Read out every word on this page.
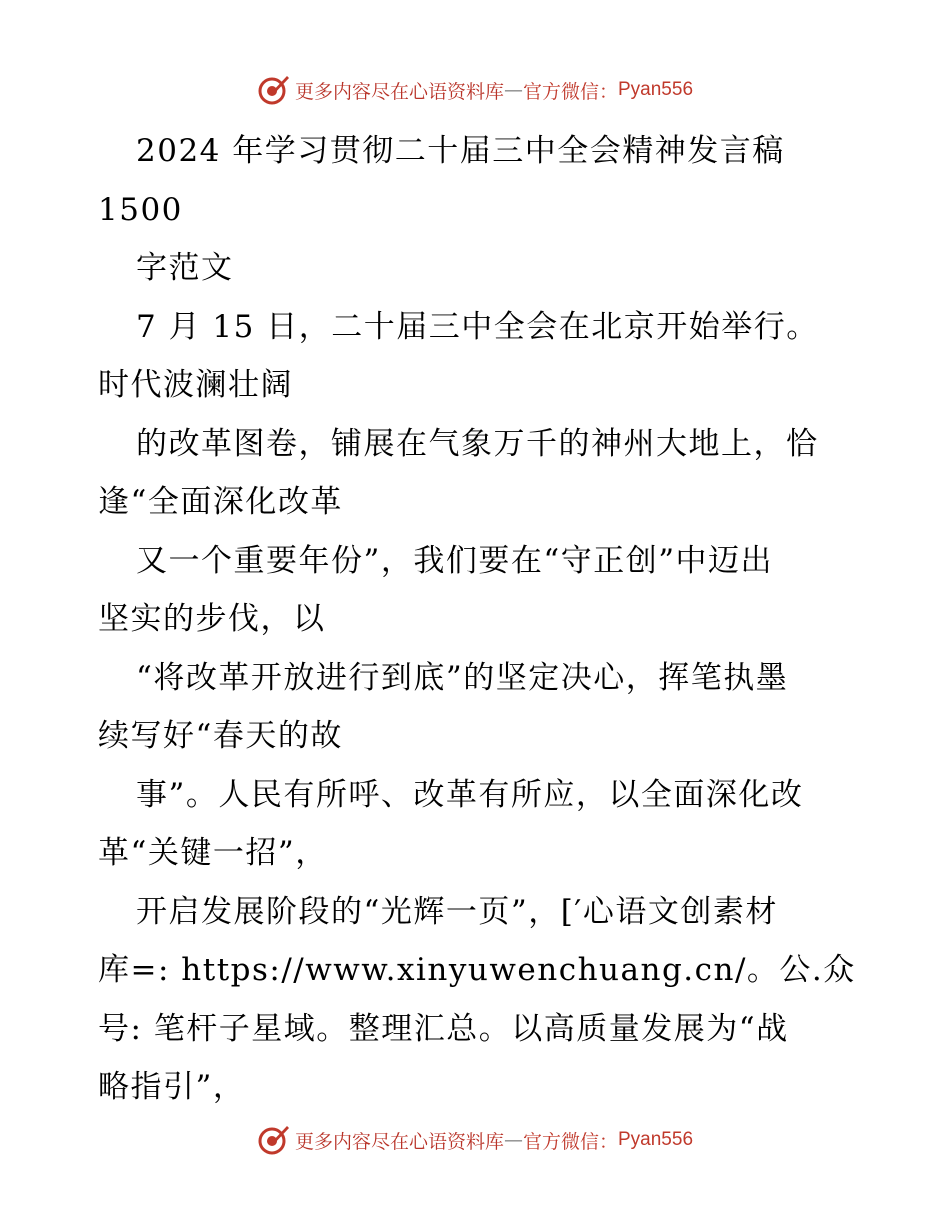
更多内容尽在心语资料库 — 官方微信： Pyan556
2024 年学习贯彻二十届三中全会精神发言稿
1500
字范文
7 月 15 日，二十届三中全会在北京开始举行。
时代波澜壮阔
的改革图卷，铺展在气象万千的神州大地上，恰
逢“全面深化改革
又一个重要年份”，我们要在“守正创”中迈出
坚实的步伐，以
“将改革开放进行到底”的坚定决心，挥笔执墨
续写好“春天的故
事”。人民有所呼、改革有所应，以全面深化改
革“关键一招”，
开启发展阶段的“光辉一页”，[′心语文创素材
库=: https://www.xinyuwenchuang.cn/。公.众
号: 笔杆子星域。整理汇总。以高质量发展为“战
略指引”，
更多内容尽在心语资料库 — 官方微信： Pyan556
